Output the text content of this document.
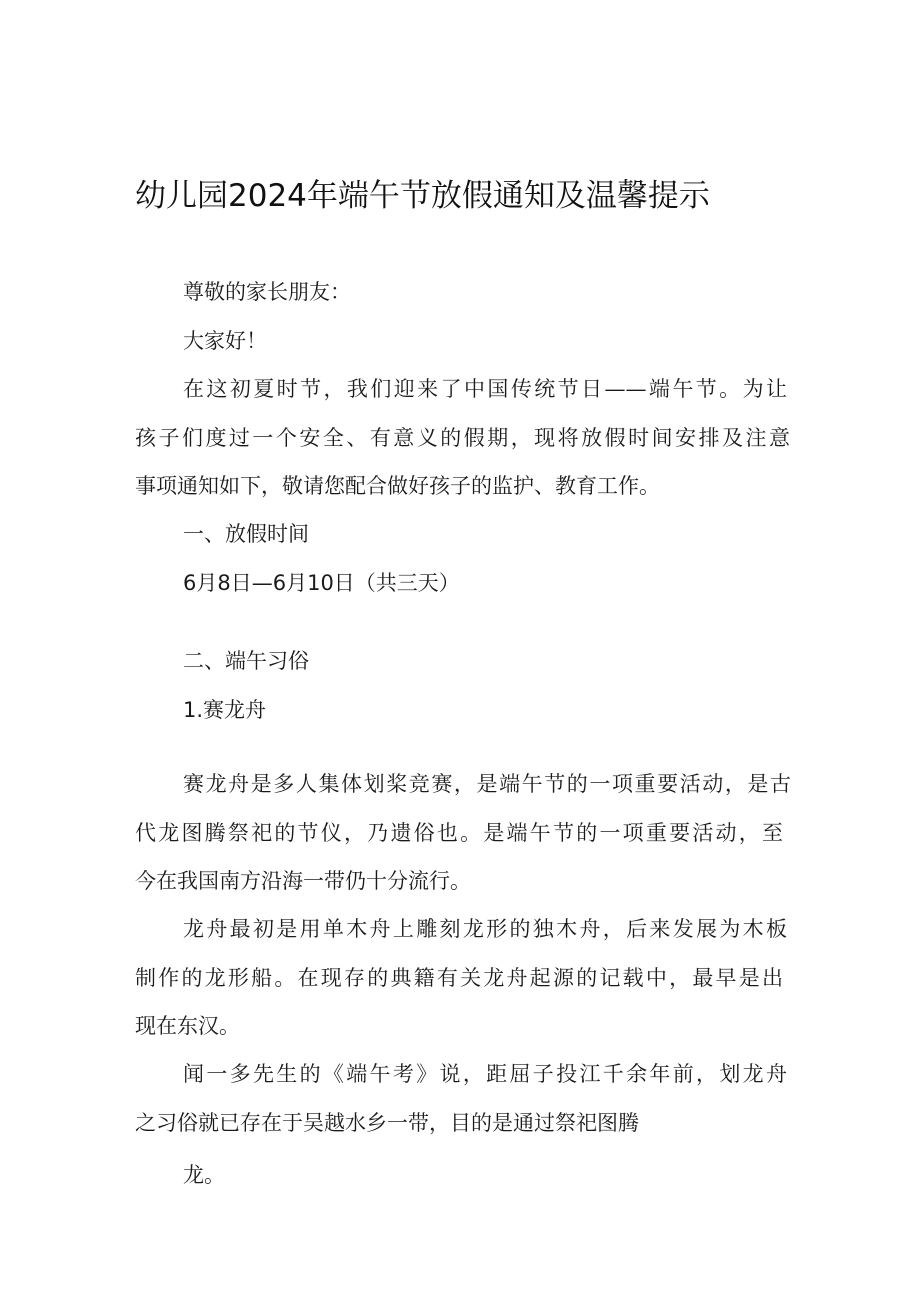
幼儿园2024年端午节放假通知及温馨提示
尊敬的家长朋友：
大家好！
在这初夏时节，我们迎来了中国传统节日——端午节。为让
孩子们度过一个安全、有意义的假期，现将放假时间安排及注意
事项通知如下，敬请您配合做好孩子的监护、教育工作。
一、放假时间
6月8日—6月10日（共三天）
二、端午习俗
1.赛龙舟
赛龙舟是多人集体划桨竞赛，是端午节的一项重要活动，是古
代龙图腾祭祀的节仪，乃遗俗也。是端午节的一项重要活动，至
今在我国南方沿海一带仍十分流行。
龙舟最初是用单木舟上雕刻龙形的独木舟，后来发展为木板
制作的龙形船。在现存的典籍有关龙舟起源的记载中，最早是出
现在东汉。
闻一多先生的《端午考》说，距屈子投江千余年前，划龙舟
之习俗就已存在于吴越水乡一带，目的是通过祭祀图腾
龙。
